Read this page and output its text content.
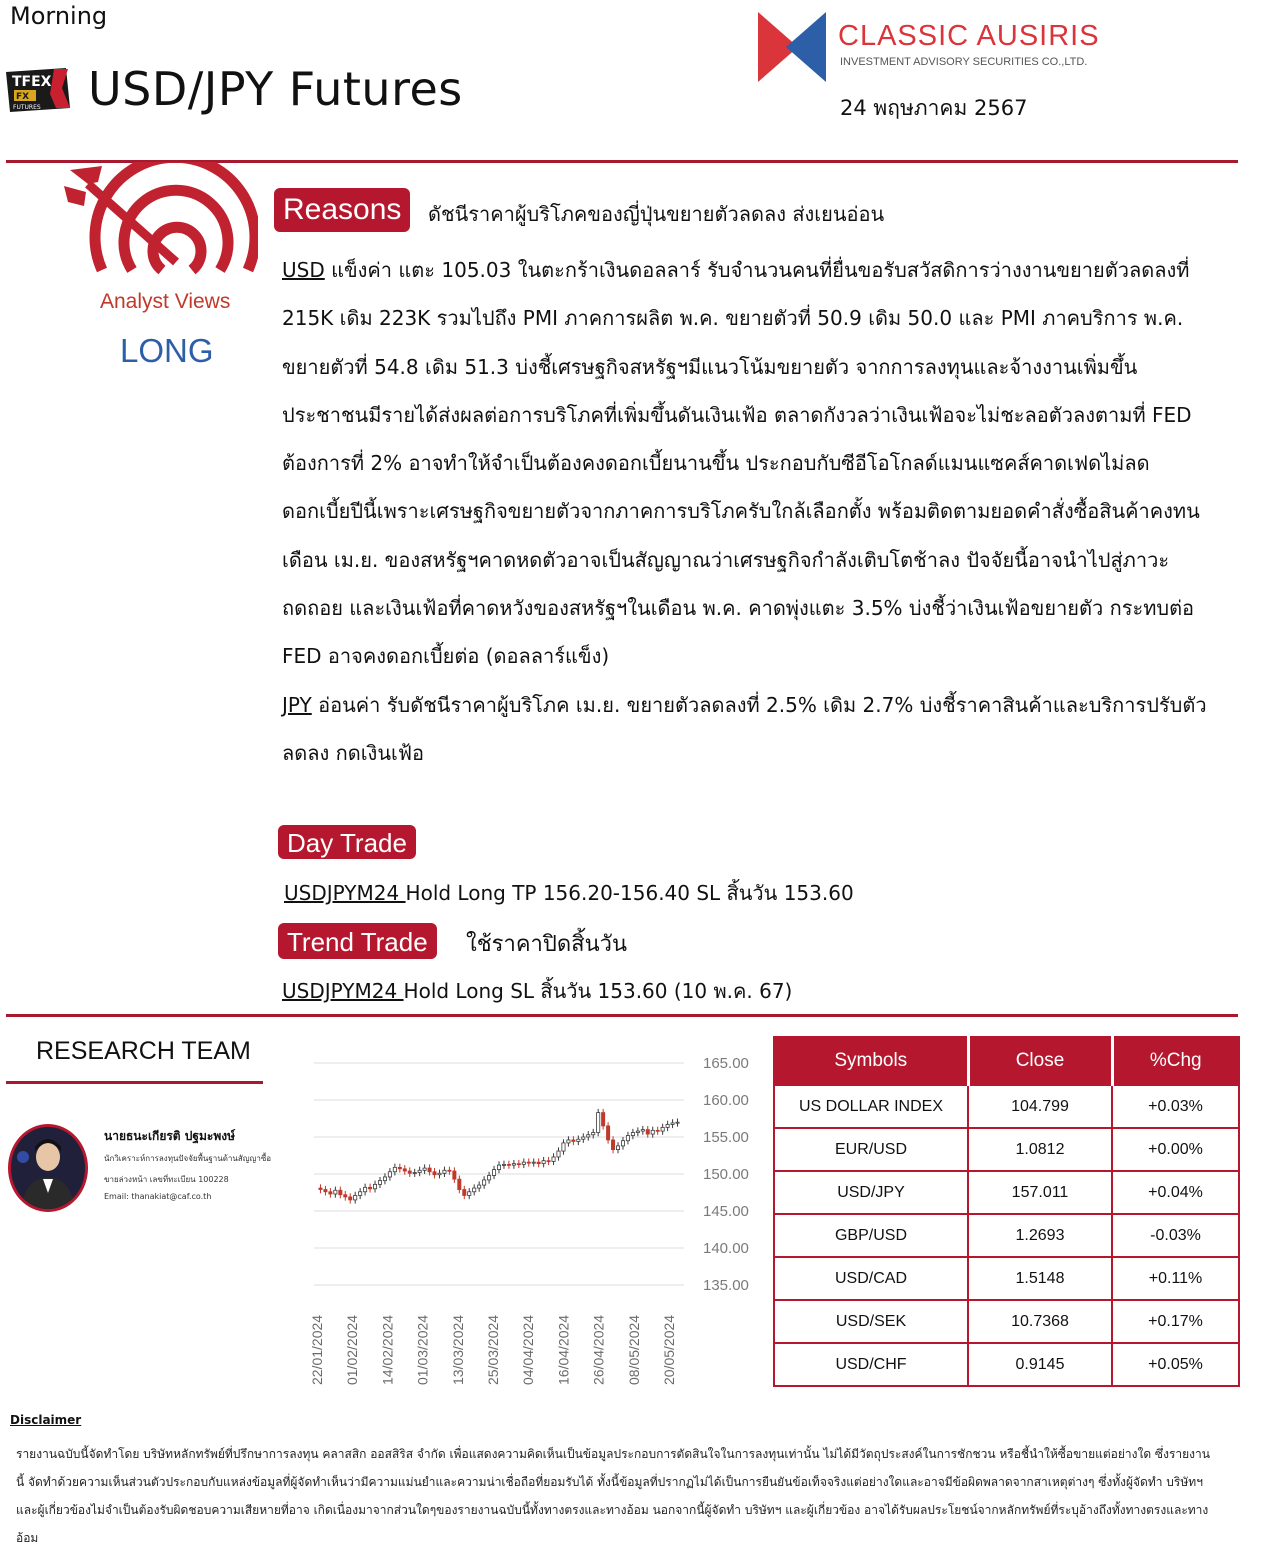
Morning
TFEX
FX
FUTURES USD/JPY Futures
CLASSIC AUSIRIS
INVESTMENT ADVISORY SECURITIES CO.,LTD.
24 พฤษภาคม 2567
Analyst Views
LONG
Reasons	ดัชนีราคาผู้บริโภคของญี่ปุ่นขยายตัวลดลง ส่งเยนอ่อน

USD แข็งค่า แตะ 105.03 ในตะกร้าเงินดอลลาร์ รับจำนวนคนที่ยื่นขอรับสวัสดิการว่างงานขยายตัวลดลงที่ 215K เดิม 223K รวมไปถึง PMI ภาคการผลิต พ.ค. ขยายตัวที่ 50.9 เดิม 50.0 และ PMI ภาคบริการ พ.ค. ขยายตัวที่ 54.8 เดิม 51.3 บ่งชี้เศรษฐกิจสหรัฐฯมีแนวโน้มขยายตัว จากการลงทุนและจ้างงานเพิ่มขึ้น ประชาชนมีรายได้ส่งผลต่อการบริโภคที่เพิ่มขึ้นดันเงินเฟ้อ ตลาดกังวลว่าเงินเฟ้อจะไม่ชะลอตัวลงตามที่ FED ต้องการที่ 2% อาจทำให้จำเป็นต้องคงดอกเบี้ยนานขึ้น ประกอบกับซีอีโอโกลด์แมนแซคส์คาดเฟดไม่ลดดอกเบี้ยปีนี้เพราะเศรษฐกิจขยายตัวจากภาคการบริโภครับใกล้เลือกตั้ง พร้อมติดตามยอดคำสั่งซื้อสินค้าคงทนเดือน เม.ย. ของสหรัฐฯคาดหดตัวอาจเป็นสัญญาณว่าเศรษฐกิจกำลังเติบโตช้าลง ปัจจัยนี้อาจนำไปสู่ภาวะถดถอย และเงินเฟ้อที่คาดหวังของสหรัฐฯในเดือน พ.ค. คาดพุ่งแตะ 3.5% บ่งชี้ว่าเงินเฟ้อขยายตัว กระทบต่อ FED อาจคงดอกเบี้ยต่อ (ดอลลาร์แข็ง)

JPY อ่อนค่า รับดัชนีราคาผู้บริโภค เม.ย. ขยายตัวลดลงที่ 2.5% เดิม 2.7% บ่งชี้ราคาสินค้าและบริการปรับตัวลดลง กดเงินเฟ้อ

Day Trade
USDJPYM24 Hold Long TP 156.20-156.40 SL สิ้นวัน 153.60
Trend Trade	ใช้ราคาปิดสิ้นวัน
USDJPYM24 Hold Long SL สิ้นวัน 153.60 (10 พ.ค. 67)
RESEARCH TEAM
นายธนะเกียรติ ปฐมะพงษ์
นักวิเคราะห์การลงทุนปัจจัยพื้นฐานด้านสัญญาซื้อ
ขายล่วงหน้า เลขที่ทะเบียน 100228
Email: thanakiat@caf.co.th
165.00
160.00
155.00
150.00
145.00
140.00
135.00
22/01/2024 01/02/2024 14/02/2024 01/03/2024 13/03/2024 25/03/2024 04/04/2024 16/04/2024 26/04/2024 08/05/2024 20/05/2024
Symbols	Close	%Chg
US DOLLAR INDEX	104.799	+0.03%
EUR/USD	1.0812	+0.00%
USD/JPY	157.011	+0.04%
GBP/USD	1.2693	-0.03%
USD/CAD	1.5148	+0.11%
USD/SEK	10.7368	+0.17%
USD/CHF	0.9145	+0.05%
Disclaimer
รายงานฉบับนี้จัดทำโดย บริษัทหลักทรัพย์ที่ปรึกษาการลงทุน คลาสสิก ออสสิริส จำกัด เพื่อแสดงความคิดเห็นเป็นข้อมูลประกอบการตัดสินใจในการลงทุนเท่านั้น ไม่ได้มีวัตถุประสงค์ในการชักชวน หรือชี้นำให้ซื้อขายแต่อย่างใด ซึ่งรายงานนี้ จัดทำด้วยความเห็นส่วนตัวประกอบกับแหล่งข้อมูลที่ผู้จัดทำเห็นว่ามีความแม่นยำและความน่าเชื่อถือที่ยอมรับได้ ทั้งนี้ข้อมูลที่ปรากฏไม่ได้เป็นการยืนยันข้อเท็จจริงแต่อย่างใดและอาจมีข้อผิดพลาดจากสาเหตุต่างๆ ซึ่งทั้งผู้จัดทำ บริษัทฯ และผู้เกี่ยวข้องไม่จำเป็นต้องรับผิดชอบความเสียหายที่อาจ เกิดเนื่องมาจากส่วนใดๆของรายงานฉบับนี้ทั้งทางตรงและทางอ้อม นอกจากนี้ผู้จัดทำ บริษัทฯ และผู้เกี่ยวข้อง อาจได้รับผลประโยชน์จากหลักทรัพย์ที่ระบุอ้างถึงทั้งทางตรงและทางอ้อม
